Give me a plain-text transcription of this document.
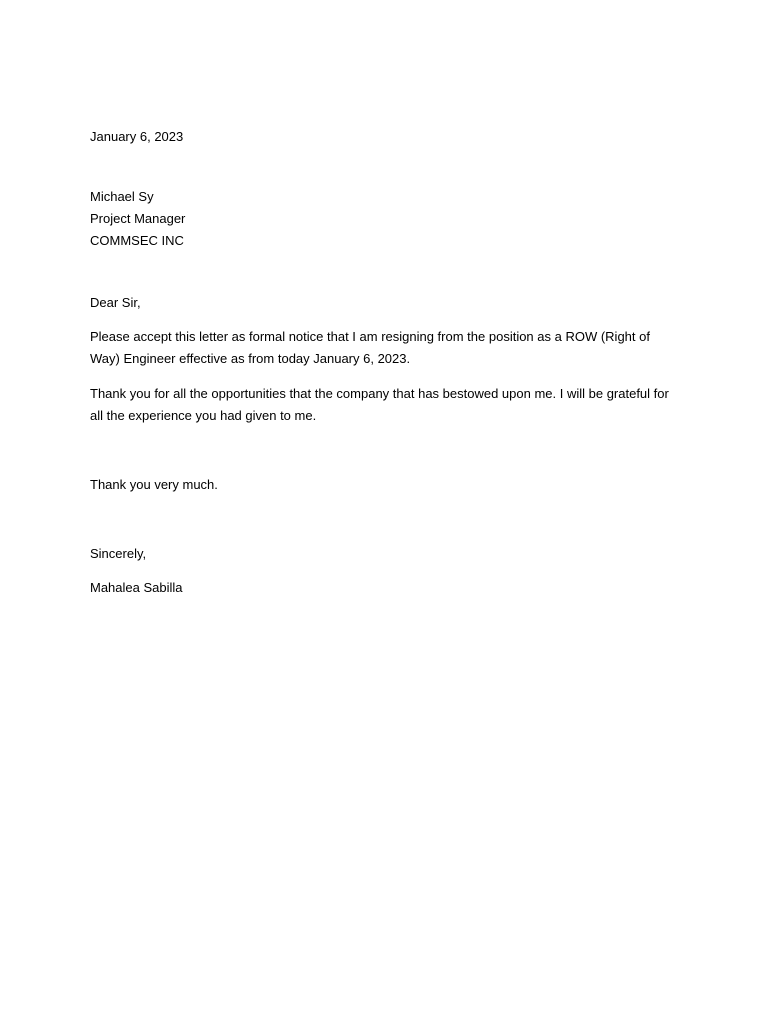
January 6, 2023
Michael Sy
Project Manager
COMMSEC INC
Dear Sir,

Please accept this letter as formal notice that I am resigning from the position as a ROW (Right of Way) Engineer effective as from today January 6, 2023.

Thank you for all the opportunities that the company that has bestowed upon me. I will be grateful for all the experience you had given to me.

Thank you very much.
Sincerely,
Mahalea Sabilla
